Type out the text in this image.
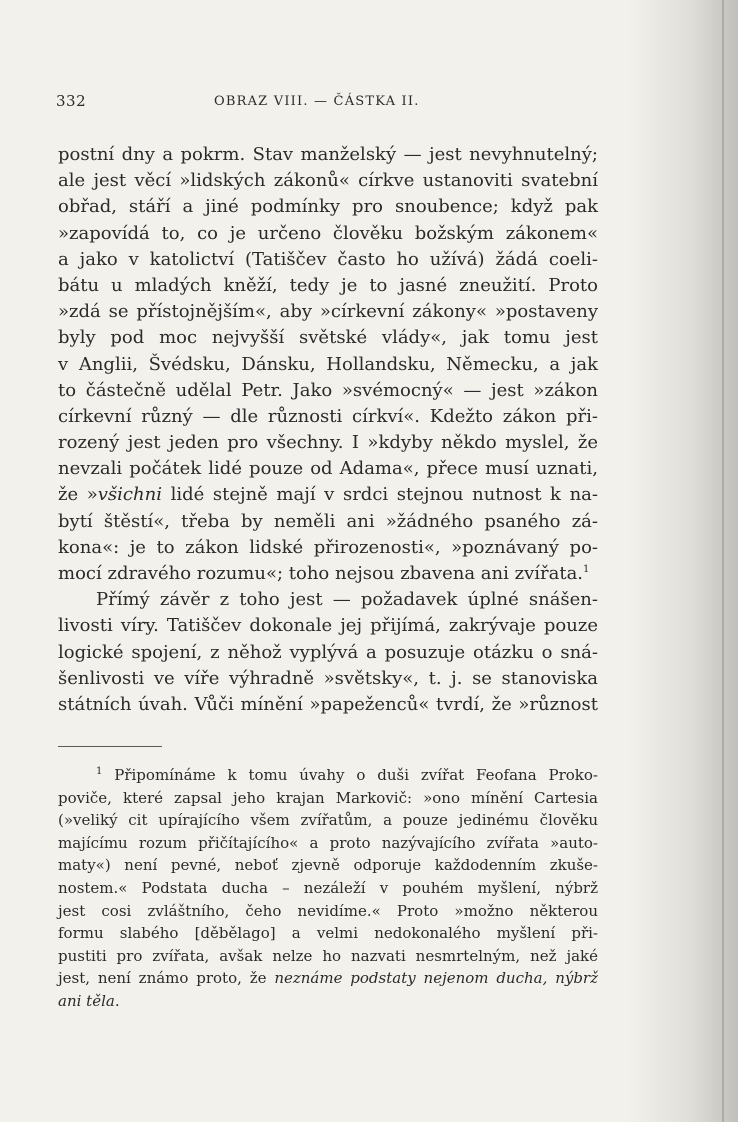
332	OBRAZ VIII. — ČÁSTKA II.
postní dny a pokrm. Stav manželský — jest nevyhnutelný;
ale jest věcí »lidských zákonů« církve ustanoviti svatební
obřad, stáří a jiné podmínky pro snoubence; když pak
»zapovídá to, co je určeno člověku božským zákonem«
a jako v katolictví (Tatiščev často ho užívá) žádá coeli-
bátu u mladých kněží, tedy je to jasné zneužití. Proto
»zdá se přístojnějším«, aby »církevní zákony« »postaveny
byly pod moc nejvyšší světské vlády«, jak tomu jest
v Anglii, Švédsku, Dánsku, Hollandsku, Německu, a jak
to částečně udělal Petr. Jako »svémocný« — jest »zákon
církevní různý — dle různosti církví«. Kdežto zákon při-
rozený jest jeden pro všechny. I »kdyby někdo myslel, že
nevzali počátek lidé pouze od Adama«, přece musí uznati,
že »všichni lidé stejně mají v srdci stejnou nutnost k na-
bytí štěstí«, třeba by neměli ani »žádného psaného zá-
kona«: je to zákon lidské přirozenosti«, »poznávaný po-
mocí zdravého rozumu«; toho nejsou zbavena ani zvířata.$^1$
Přímý závěr z toho jest — požadavek úplné snášen-
livosti víry. Tatiščev dokonale jej přijímá, zakrývaje pouze
logické spojení, z něhož vyplývá a posuzuje otázku o sná-
šenlivosti ve víře výhradně »světsky«, t. j. se stanoviska
státních úvah. Vůči mínění »papeženců« tvrdí, že »různost
$^1$ Připomínáme k tomu úvahy o duši zvířat Feofana Proko-
poviče, které zapsal jeho krajan Markovič: »ono mínění Cartesia
(»veliký cit upírajícího všem zvířatům, a pouze jedinému člověku
majícímu rozum přičítajícího« a proto nazývajícího zvířata »auto-
maty«) není pevné, neboť zjevně odporuje každodenním zkuše-
nostem.« Podstata ducha – nezáleží v pouhém myšlení, nýbrž
jest cosi zvláštního, čeho nevidíme.« Proto »možno některou
formu slabého [děbělago] a velmi nedokonalého myšlení při-
pustiti pro zvířata, avšak nelze ho nazvati nesmrtelným, než jaké
jest, není známo proto, že neznáme podstaty nejenom ducha, nýbrž
ani těla.
